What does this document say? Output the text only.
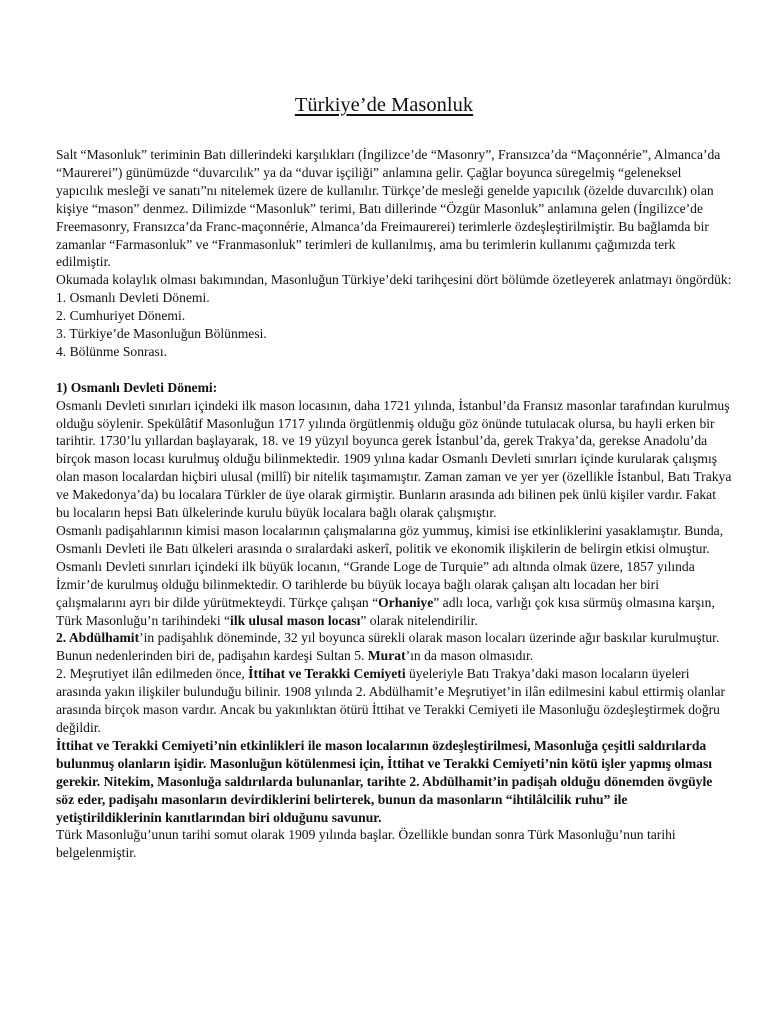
Türkiye’de Masonluk

Salt “Masonluk” teriminin Batı dillerindeki karşılıkları (İngilizce’de “Masonry”, Fransızca’da “Maçonnérie”, Almanca’da “Maurerei”) günümüzde “duvarcılık” ya da “duvar işçiliği” anlamına gelir. Çağlar boyunca süregelmiş “geleneksel yapıcılık mesleği ve sanatı”nı nitelemek üzere de kullanılır. Türkçe’de mesleği genelde yapıcılık (özelde duvarcılık) olan kişiye “mason” denmez. Dilimizde “Masonluk” terimi, Batı dillerinde “Özgür Masonluk” anlamına gelen (İngilizce’de Freemasonry, Fransızca’da Franc-maçonnérie, Almanca’da Freimaurerei) terimlerle özdeşleştirilmiştir. Bu bağlamda bir zamanlar “Farmasonluk” ve “Franmasonluk” terimleri de kullanılmış, ama bu terimlerin kullanımı çağımızda terk edilmiştir.

Okumada kolaylık olması bakımından, Masonluğun Türkiye’deki tarihçesini dört bölümde özetleyerek anlatmayı öngördük:

1. Osmanlı Devleti Dönemi.

2. Cumhuriyet Dönemi.

3. Türkiye’de Masonluğun Bölünmesi.

4. Bölünme Sonrası.

1) Osmanlı Devleti Dönemi:

Osmanlı Devleti sınırları içindeki ilk mason locasının, daha 1721 yılında, İstanbul’da Fransız masonlar tarafından kurulmuş olduğu söylenir. Spekülâtif Masonluğun 1717 yılında örgütlenmiş olduğu göz önünde tutulacak olursa, bu hayli erken bir tarihtir. 1730’lu yıllardan başlayarak, 18. ve 19 yüzyıl boyunca gerek İstanbul’da, gerek Trakya’da, gerekse Anadolu’da birçok mason locası kurulmuş olduğu bilinmektedir. 1909 yılına kadar Osmanlı Devleti sınırları içinde kurularak çalışmış olan mason localardan hiçbiri ulusal (millî) bir nitelik taşımamıştır. Zaman zaman ve yer yer (özellikle İstanbul, Batı Trakya ve Makedonya’da) bu localara Türkler de üye olarak girmiştir. Bunların arasında adı bilinen pek ünlü kişiler vardır. Fakat bu locaların hepsi Batı ülkelerinde kurulu büyük localara bağlı olarak çalışmıştır.

Osmanlı padişahlarının kimisi mason localarının çalışmalarına göz yummuş, kimisi ise etkinliklerini yasaklamıştır. Bunda, Osmanlı Devleti ile Batı ülkeleri arasında o sıralardaki askerî, politik ve ekonomik ilişkilerin de belirgin etkisi olmuştur.

Osmanlı Devleti sınırları içindeki ilk büyük locanın, “Grande Loge de Turquie” adı altında olmak üzere, 1857 yılında İzmir’de kurulmuş olduğu bilinmektedir. O tarihlerde bu büyük locaya bağlı olarak çalışan altı locadan her biri çalışmalarını ayrı bir dilde yürütmekteydi. Türkçe çalışan “Orhaniye” adlı loca, varlığı çok kısa sürmüş olmasına karşın, Türk Masonluğu’n tarihindeki “ilk ulusal mason locası” olarak nitelendirilir.

2. Abdülhamit’in padişahlık döneminde, 32 yıl boyunca sürekli olarak mason locaları üzerinde ağır baskılar kurulmuştur. Bunun nedenlerinden biri de, padişahın kardeşi Sultan 5. Murat’ın da mason olmasıdır.

2. Meşrutiyet ilân edilmeden önce, İttihat ve Terakki Cemiyeti üyeleriyle Batı Trakya’daki mason locaların üyeleri arasında yakın ilişkiler bulunduğu bilinir. 1908 yılında 2. Abdülhamit’e Meşrutiyet’in ilân edilmesini kabul ettirmiş olanlar arasında birçok mason vardır. Ancak bu yakınlıktan ötürü İttihat ve Terakki Cemiyeti ile Masonluğu özdeşleştirmek doğru değildir.

İttihat ve Terakki Cemiyeti’nin etkinlikleri ile mason localarının özdeşleştirilmesi, Masonluğa çeşitli saldırılarda bulunmuş olanların işidir. Masonluğun kötülenmesi için, İttihat ve Terakki Cemiyeti’nin kötü işler yapmış olması gerekir. Nitekim, Masonluğa saldırılarda bulunanlar, tarihte 2. Abdülhamit’in padişah olduğu dönemden övgüyle söz eder, padişahı masonların devirdiklerini belirterek, bunun da masonların “ihtilâlcilik ruhu” ile yetiştirildiklerinin kanıtlarından biri olduğunu savunur.

Türk Masonluğu’unun tarihi somut olarak 1909 yılında başlar. Özellikle bundan sonra Türk Masonluğu’nun tarihi belgelenmiştir.
